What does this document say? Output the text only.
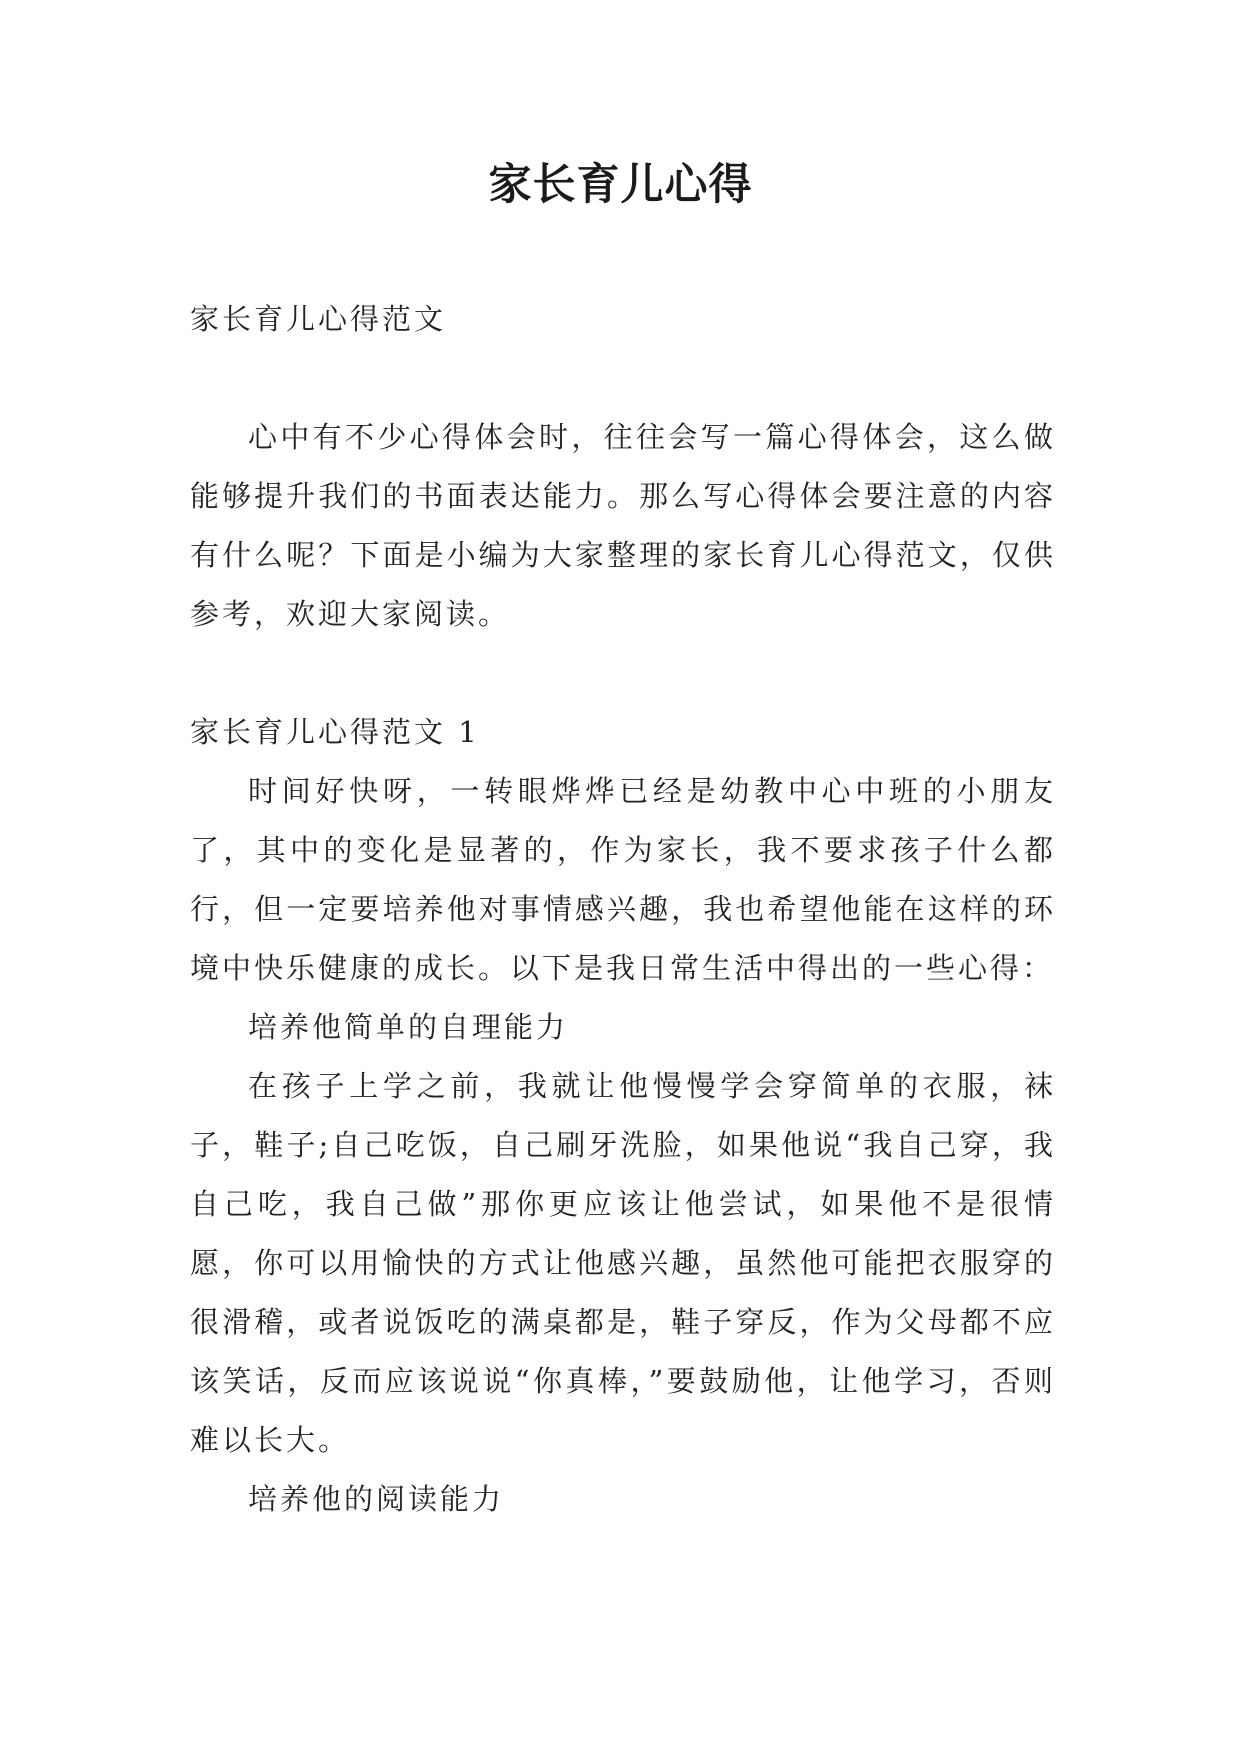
家长育儿心得

家长育儿心得范文

心中有不少心得体会时，往往会写一篇心得体会，这么做能够提升我们的书面表达能力。那么写心得体会要注意的内容有什么呢？下面是小编为大家整理的家长育儿心得范文，仅供参考，欢迎大家阅读。

家长育儿心得范文 1

时间好快呀，一转眼烨烨已经是幼教中心中班的小朋友了，其中的变化是显著的，作为家长，我不要求孩子什么都行，但一定要培养他对事情感兴趣，我也希望他能在这样的环境中快乐健康的成长。以下是我日常生活中得出的一些心得：

培养他简单的自理能力

在孩子上学之前，我就让他慢慢学会穿简单的衣服，袜子，鞋子;自己吃饭，自己刷牙洗脸，如果他说“我自己穿，我自己吃，我自己做”那你更应该让他尝试，如果他不是很情愿，你可以用愉快的方式让他感兴趣，虽然他可能把衣服穿的很滑稽，或者说饭吃的满桌都是，鞋子穿反，作为父母都不应该笑话，反而应该说说“你真棒，”要鼓励他，让他学习，否则难以长大。

培养他的阅读能力
